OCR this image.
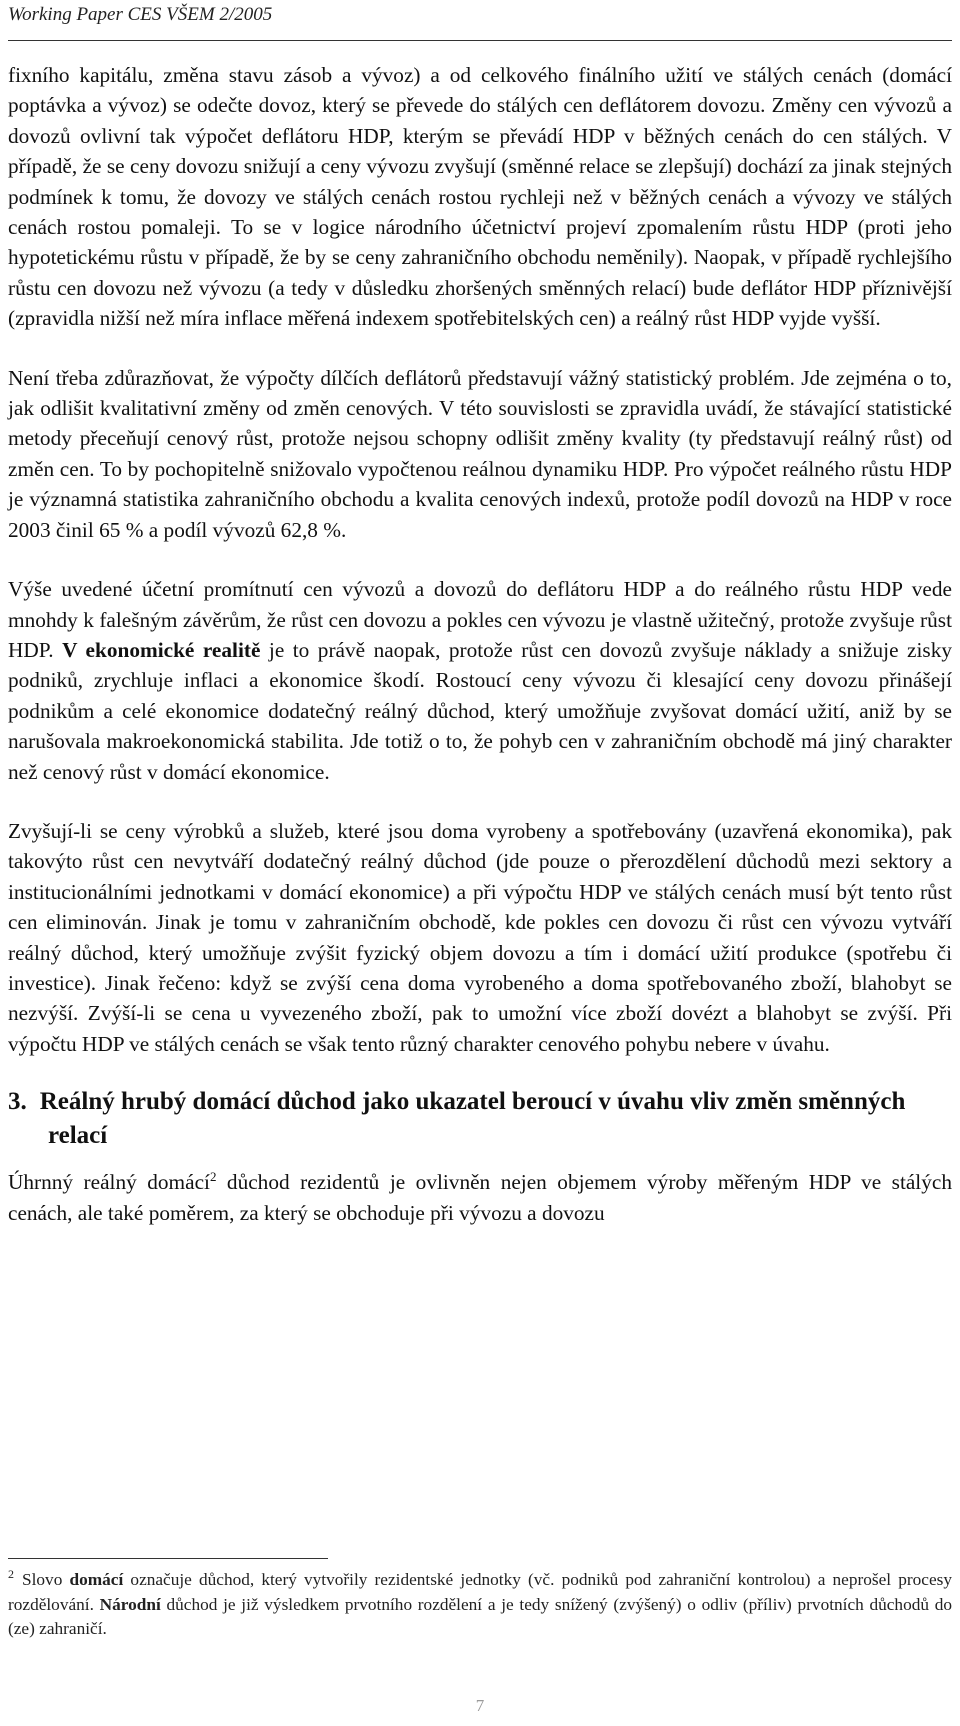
Working Paper CES VŠEM 2/2005

fixního kapitálu, změna stavu zásob a vývoz) a od celkového finálního užití ve stálých cenách (domácí poptávka a vývoz) se odečte dovoz, který se převede do stálých cen deflátorem dovozu. Změny cen vývozů a dovozů ovlivní tak výpočet deflátoru HDP, kterým se převádí HDP v běžných cenách do cen stálých. V případě, že se ceny dovozu snižují a ceny vývozu zvyšují (směnné relace se zlepšují) dochází za jinak stejných podmínek k tomu, že dovozy ve stálých cenách rostou rychleji než v běžných cenách a vývozy ve stálých cenách rostou pomaleji. To se v logice národního účetnictví projeví zpomalením růstu HDP (proti jeho hypotetickému růstu v případě, že by se ceny zahraničního obchodu neměnily). Naopak, v případě rychlejšího růstu cen dovozu než vývozu (a tedy v důsledku zhoršených směnných relací) bude deflátor HDP příznivější (zpravidla nižší než míra inflace měřená indexem spotřebitelských cen) a reálný růst HDP vyjde vyšší.

Není třeba zdůrazňovat, že výpočty dílčích deflátorů představují vážný statistický problém. Jde zejména o to, jak odlišit kvalitativní změny od změn cenových. V této souvislosti se zpravidla uvádí, že stávající statistické metody přeceňují cenový růst, protože nejsou schopny odlišit změny kvality (ty představují reálný růst) od změn cen. To by pochopitelně snižovalo vypočtenou reálnou dynamiku HDP. Pro výpočet reálného růstu HDP je významná statistika zahraničního obchodu a kvalita cenových indexů, protože podíl dovozů na HDP v roce 2003 činil 65 % a podíl vývozů 62,8 %.

Výše uvedené účetní promítnutí cen vývozů a dovozů do deflátoru HDP a do reálného růstu HDP vede mnohdy k falešným závěrům, že růst cen dovozu a pokles cen vývozu je vlastně užitečný, protože zvyšuje růst HDP. V ekonomické realitě je to právě naopak, protože růst cen dovozů zvyšuje náklady a snižuje zisky podniků, zrychluje inflaci a ekonomice škodí. Rostoucí ceny vývozu či klesající ceny dovozu přinášejí podnikům a celé ekonomice dodatečný reálný důchod, který umožňuje zvyšovat domácí užití, aniž by se narušovala makroekonomická stabilita. Jde totiž o to, že pohyb cen v zahraničním obchodě má jiný charakter než cenový růst v domácí ekonomice.

Zvyšují-li se ceny výrobků a služeb, které jsou doma vyrobeny a spotřebovány (uzavřená ekonomika), pak takovýto růst cen nevytváří dodatečný reálný důchod (jde pouze o přerozdělení důchodů mezi sektory a institucionálními jednotkami v domácí ekonomice) a při výpočtu HDP ve stálých cenách musí být tento růst cen eliminován. Jinak je tomu v zahraničním obchodě, kde pokles cen dovozu či růst cen vývozu vytváří reálný důchod, který umožňuje zvýšit fyzický objem dovozu a tím i domácí užití produkce (spotřebu či investice). Jinak řečeno: když se zvýší cena doma vyrobeného a doma spotřebovaného zboží, blahobyt se nezvýší. Zvýší-li se cena u vyvezeného zboží, pak to umožní více zboží dovézt a blahobyt se zvýší. Při výpočtu HDP ve stálých cenách se však tento různý charakter cenového pohybu nebere v úvahu.

3. Reálný hrubý domácí důchod jako ukazatel beroucí v úvahu vliv změn směnných relací

Úhrnný reálný domácí$^2$ důchod rezidentů je ovlivněn nejen objemem výroby měřeným HDP ve stálých cenách, ale také poměrem, za který se obchoduje při vývozu a dovozu

$^2$ Slovo domácí označuje důchod, který vytvořily rezidentské jednotky (vč. podniků pod zahraniční kontrolou) a neprošel procesy rozdělování. Národní důchod je již výsledkem prvotního rozdělení a je tedy snížený (zvýšený) o odliv (příliv) prvotních důchodů do (ze) zahraničí.
7
